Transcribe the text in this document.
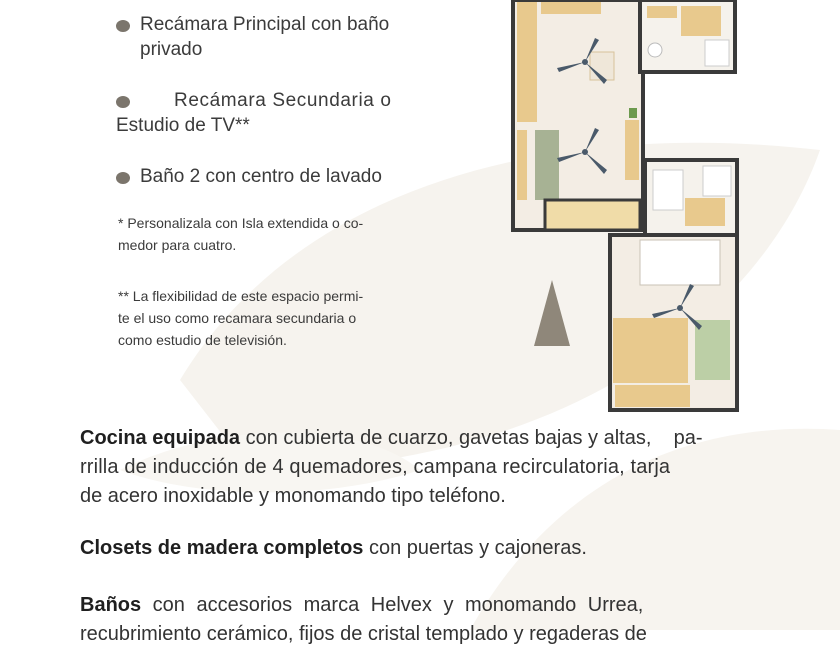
Recámara Principal con baño
privado
Recámara Secundaria o
Estudio de TV**
Baño 2 con centro de lavado
* Personalizala con Isla extendida o co-
medor para cuatro.
** La flexibilidad de este espacio permi-
te el uso como recamara secundaria o
como estudio de televisión.
Cocina equipada con cubierta de cuarzo, gavetas bajas y altas,    pa-
rrilla de inducción de 4 quemadores, campana recirculatoria, tarja
de acero inoxidable y monomando tipo teléfono.
Closets de madera completos con puertas y cajoneras.
Baños con accesorios marca Helvex y monomando Urrea,
recubrimiento cerámico, fijos de cristal templado y regaderas de
